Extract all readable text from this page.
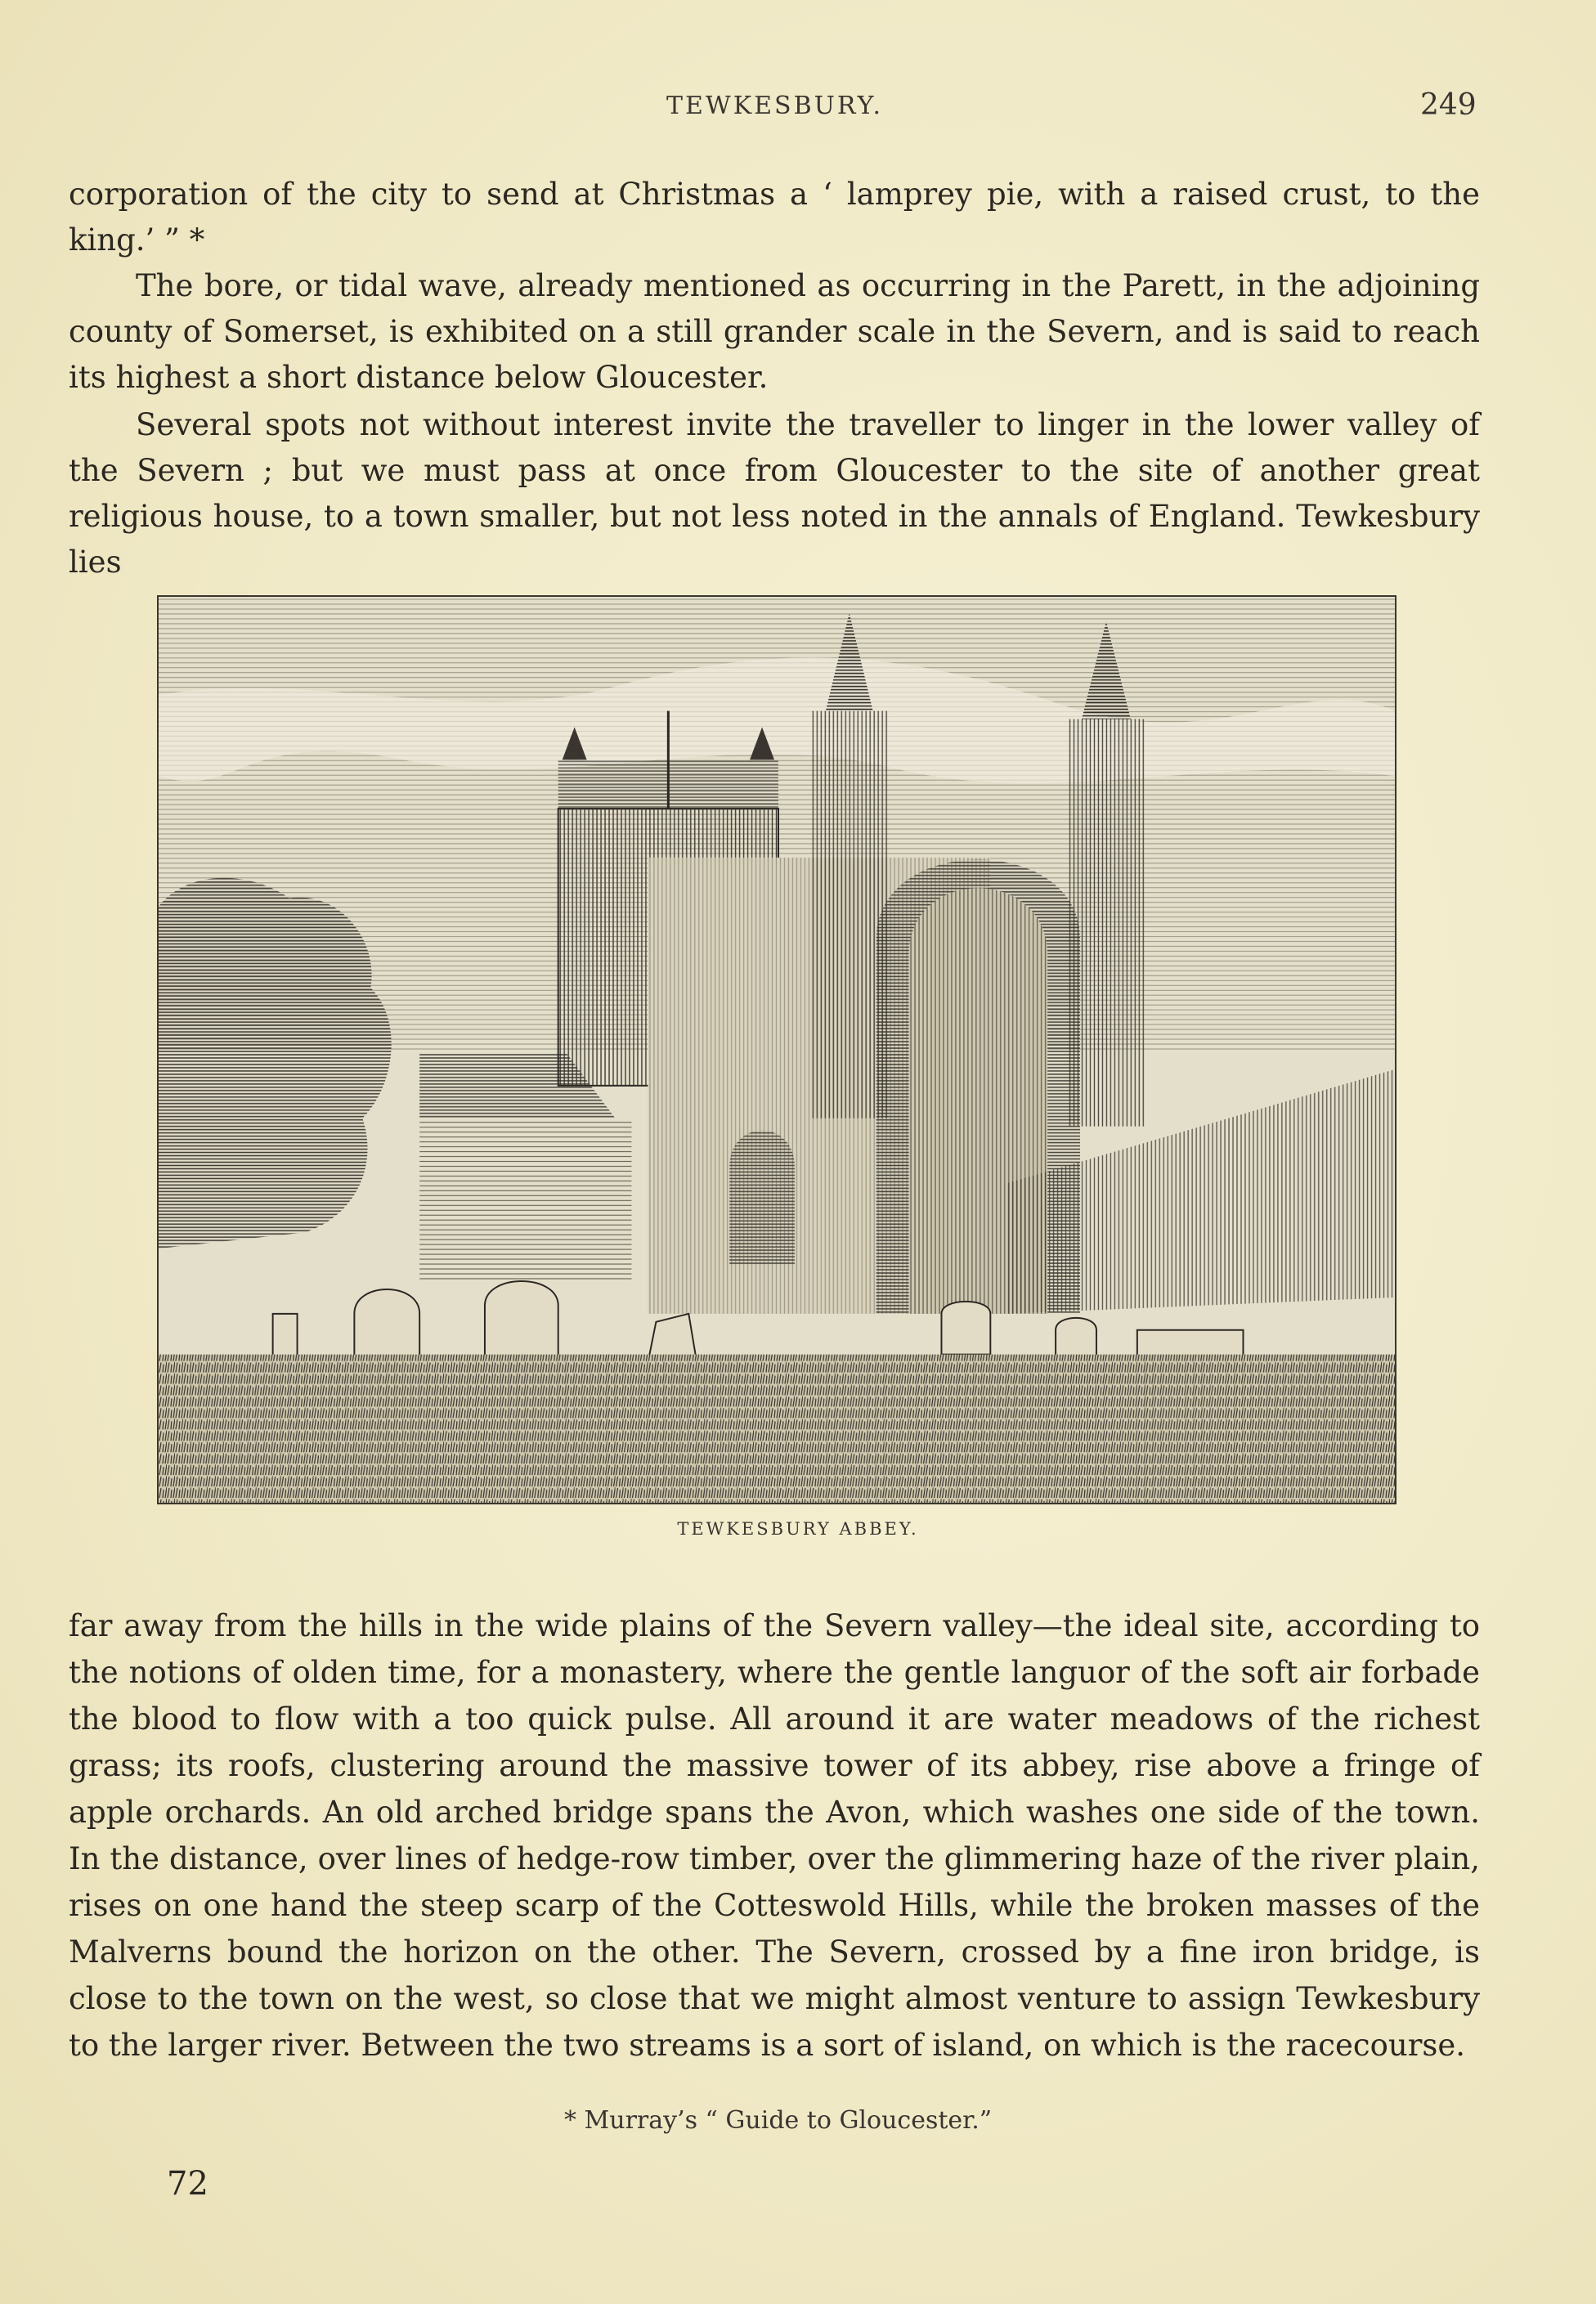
TEWKESBURY.	249

corporation of the city to send at Christmas a ‘ lamprey pie, with a raised crust, to the king.’ ” *

The bore, or tidal wave, already mentioned as occurring in the Parett, in the adjoining county of Somerset, is exhibited on a still grander scale in the Severn, and is said to reach its highest a short distance below Gloucester.

Several spots not without interest invite the traveller to linger in the lower valley of the Severn ; but we must pass at once from Gloucester to the site of another great religious house, to a town smaller, but not less noted in the annals of England. Tewkesbury lies

TEWKESBURY ABBEY.

far away from the hills in the wide plains of the Severn valley—the ideal site, according to the notions of olden time, for a monastery, where the gentle languor of the soft air forbade the blood to flow with a too quick pulse. All around it are water meadows of the richest grass; its roofs, clustering around the massive tower of its abbey, rise above a fringe of apple orchards. An old arched bridge spans the Avon, which washes one side of the town. In the distance, over lines of hedge-row timber, over the glimmering haze of the river plain, rises on one hand the steep scarp of the Cotteswold Hills, while the broken masses of the Malverns bound the horizon on the other. The Severn, crossed by a fine iron bridge, is close to the town on the west, so close that we might almost venture to assign Tewkesbury to the larger river. Between the two streams is a sort of island, on which is the racecourse.

* Murray’s “ Guide to Gloucester.”
72
